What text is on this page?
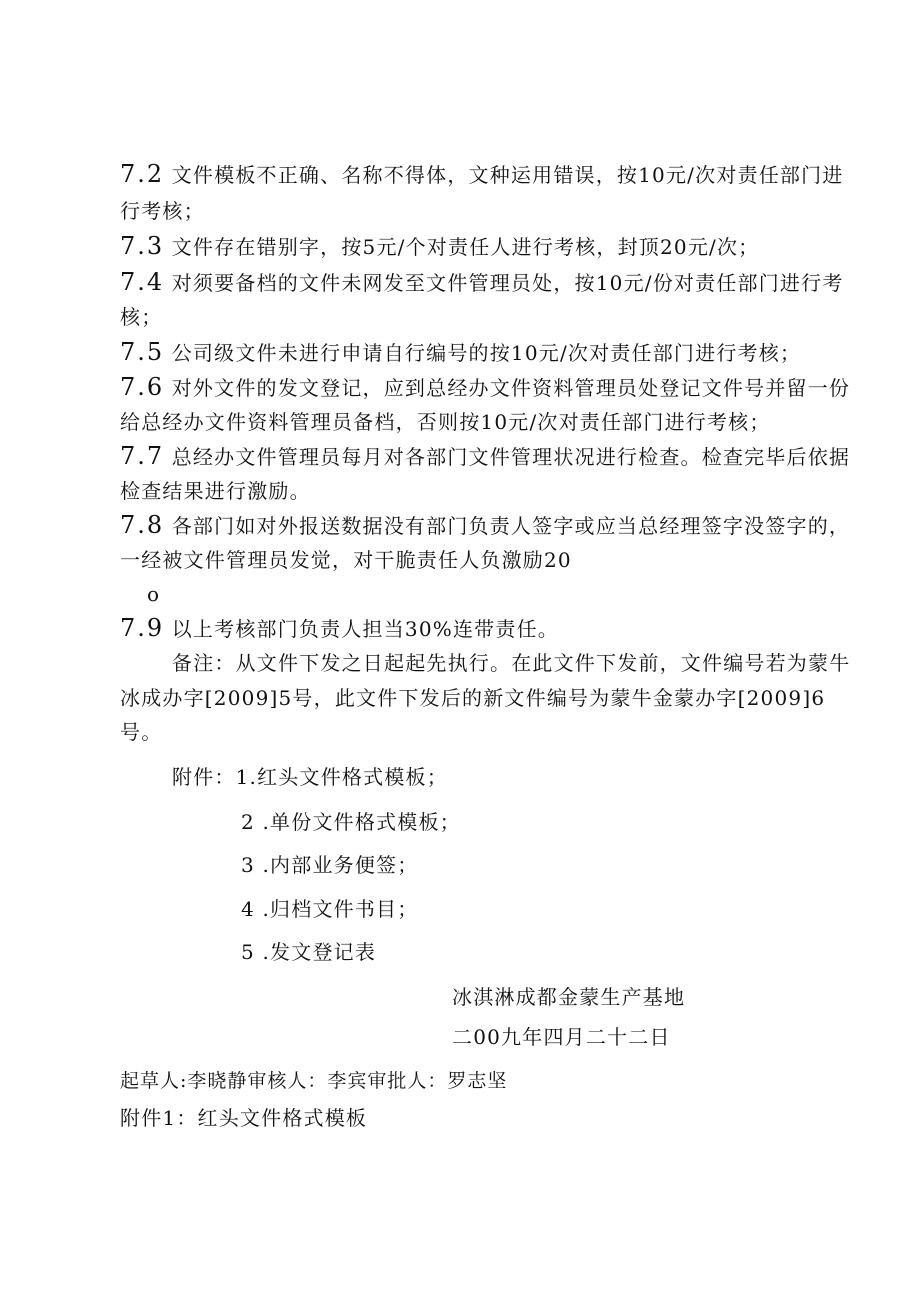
7.2 文件模板不正确、名称不得体，文种运用错误，按10元/次对责任部门进
行考核；
7.3 文件存在错别字，按5元/个对责任人进行考核，封顶20元/次；
7.4 对须要备档的文件未网发至文件管理员处，按10元/份对责任部门进行考
核；
7.5 公司级文件未进行申请自行编号的按10元/次对责任部门进行考核；
7.6 对外文件的发文登记，应到总经办文件资料管理员处登记文件号并留一份
给总经办文件资料管理员备档，否则按10元/次对责任部门进行考核；
7.7 总经办文件管理员每月对各部门文件管理状况进行检查。检查完毕后依据
检查结果进行激励。
7.8 各部门如对外报送数据没有部门负责人签字或应当总经理签字没签字的，
一经被文件管理员发觉，对干脆责任人负激励20
o
7.9 以上考核部门负责人担当30%连带责任。
备注：从文件下发之日起起先执行。在此文件下发前，文件编号若为蒙牛
冰成办字[2009]5号，此文件下发后的新文件编号为蒙牛金蒙办字[2009]6
号。
附件：1.红头文件格式模板；
2 .单份文件格式模板；
3 .内部业务便签；
4 .归档文件书目；
5 .发文登记表
冰淇淋成都金蒙生产基地
二00九年四月二十二日
起草人:李晓静审核人：李宾审批人：罗志坚
附件1：红头文件格式模板
